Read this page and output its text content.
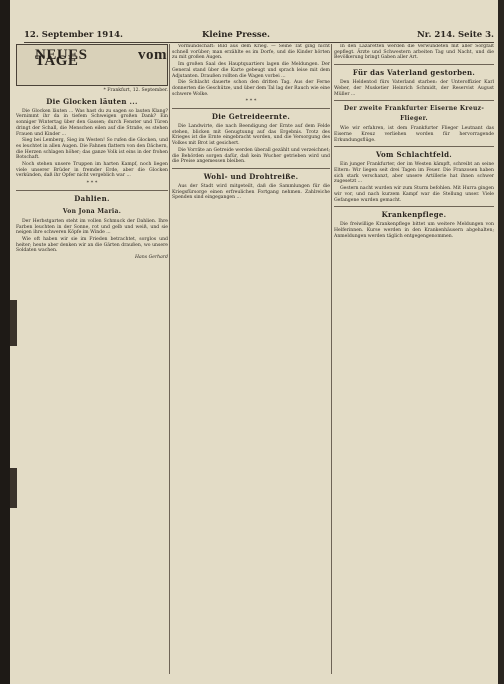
12. September 1914.	Kleine Presse.	Nr. 214. Seite 3.
NEUES vom TAGE
* Frankfurt, 12. September.
Die Glocken läuten ...

Die Glocken läuten ... Was hast du zu sagen so lauten Klang? Vernimmt ihr da in tiefem Schweigen großen Dank? Ein sonniger Wintertag über den Gassen; durch Fenster und Türen dringt der Schall, die Menschen eilen auf die Straße, es stehen Frauen und Kinder ...

Sieg bei Lemberg, Sieg im Westen! So rufen die Glocken, und es leuchtet in allen Augen. Die Fahnen flattern von den Dächern, die Herzen schlagen höher; das ganze Volk ist eins in der frohen Botschaft.

Noch stehen unsere Truppen im harten Kampf, noch liegen viele unserer Brüder in fremder Erde, aber die Glocken verkünden, daß ihr Opfer nicht vergeblich war ...

* * *
Dahlien.
Von Jona Maria.

Der Herbstgarten steht im vollen Schmuck der Dahlien. Ihre Farben leuchten in der Sonne, rot und gelb und weiß, und sie neigen ihre schweren Köpfe im Winde ...

Wie oft haben wir sie im Frieden betrachtet, sorglos und heiter; heute aber denken wir an die Gärten draußen, wo unsere Soldaten wachen.

Hans Gerhard

Vormundschaft: Bild aus dem Krieg. — Seine Tat ging nicht schnell vorüber; man erzählte es im Dorfe, und die Kinder hörten zu mit großen Augen.

Im großen Saal des Hauptquartiers lagen die Meldungen. Der General stand über die Karte gebeugt und sprach leise mit dem Adjutanten. Draußen rollten die Wagen vorbei ...

Die Schlacht dauerte schon den dritten Tag. Aus der Ferne donnerten die Geschütze, und über dem Tal lag der Rauch wie eine schwere Wolke.

* * *
Die Getreideernte.

Die Landwirte, die nach Beendigung der Ernte auf dem Felde stehen, blicken mit Genugtuung auf das Ergebnis. Trotz des Krieges ist die Ernte eingebracht worden, und die Versorgung des Volkes mit Brot ist gesichert.

Die Vorräte an Getreide werden überall gezählt und verzeichnet; die Behörden sorgen dafür, daß kein Wucher getrieben wird und die Preise angemessen bleiben.

Wohl- und Drohtreiße.

Aus der Stadt wird mitgeteilt, daß die Sammlungen für die Kriegsfürsorge einen erfreulichen Fortgang nehmen. Zahlreiche Spenden sind eingegangen ...

In den Lazaretten werden die Verwundeten mit aller Sorgfalt gepflegt. Ärzte und Schwestern arbeiten Tag und Nacht, und die Bevölkerung bringt Gaben aller Art.

Für das Vaterland gestorben.

Den Heldentod fürs Vaterland starben: der Unteroffizier Karl Weber, der Musketier Heinrich Schmidt, der Reservist August Müller ...

Der zweite Frankfurter Eiserne Kreuz-Flieger.

Wie wir erfahren, ist dem Frankfurter Flieger Leutnant das Eiserne Kreuz verliehen worden für hervorragende Erkundungsflüge.

Vom Schlachtfeld.

Ein junger Frankfurter, der im Westen kämpft, schreibt an seine Eltern: Wir liegen seit drei Tagen im Feuer. Die Franzosen haben sich stark verschanzt, aber unsere Artillerie hat ihnen schwer zugesetzt ...

Gestern nacht wurden wir zum Sturm befohlen. Mit Hurra gingen wir vor, und nach kurzem Kampf war die Stellung unser. Viele Gefangene wurden gemacht.

Krankenpflege.

Die freiwillige Krankenpflege bittet um weitere Meldungen von Helferinnen. Kurse werden in den Krankenhäusern abgehalten; Anmeldungen werden täglich entgegengenommen.
